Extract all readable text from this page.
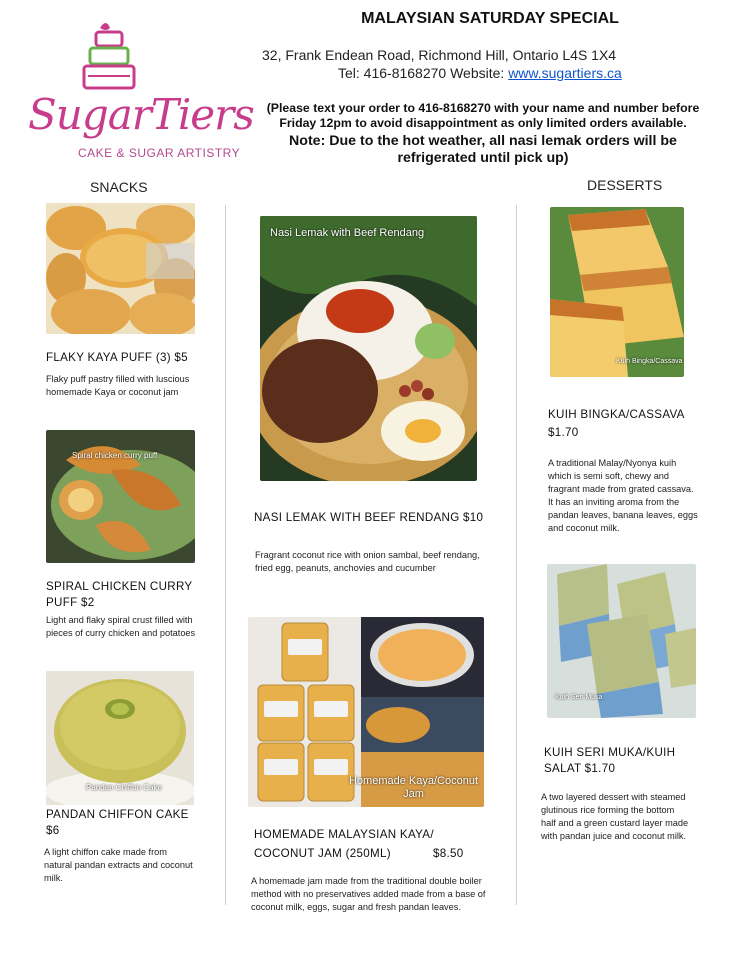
SugarTiers
CAKE & SUGAR ARTISTRY
MALAYSIAN SATURDAY SPECIAL
32, Frank Endean Road, Richmond Hill, Ontario L4S 1X4
Tel: 416-8168270 Website: www.sugartiers.ca
(Please text your order to 416-8168270 with your name and number before Friday 12pm to avoid disappointment as only limited orders available.
Note: Due to the hot weather, all nasi lemak orders will be refrigerated until pick up)
SNACKS	DESSERTS
FLAKY KAYA PUFF (3) $5
Flaky puff pastry filled with luscious homemade Kaya or coconut jam
Spiral chicken curry puff
SPIRAL CHICKEN CURRY PUFF $2
Light and flaky spiral crust filled with pieces of curry chicken and potatoes
Pandan Chiffon Cake
PANDAN CHIFFON CAKE $6
A light chiffon cake made from natural pandan extracts and coconut milk.
Nasi Lemak with Beef Rendang
NASI LEMAK WITH BEEF RENDANG $10
Fragrant coconut rice with onion sambal, beef rendang, fried egg, peanuts, anchovies and cucumber
Homemade Kaya/Coconut Jam
HOMEMADE MALAYSIAN KAYA/
COCONUT JAM (250ML)	$8.50
A homemade jam made from the traditional double boiler method with no preservatives added made from a base of coconut milk, eggs, sugar and fresh pandan leaves.
Kuih Bingka/Cassava
KUIH BINGKA/CASSAVA
$1.70
A traditional Malay/Nyonya kuih which is semi soft, chewy and fragrant made from grated cassava. It has an inviting aroma from the pandan leaves, banana leaves, eggs and coconut milk.
Kuih Seri Muka
KUIH SERI MUKA/KUIH SALAT $1.70
A two layered dessert with steamed glutinous rice forming the bottom half and a green custard layer made with pandan juice and coconut milk.
